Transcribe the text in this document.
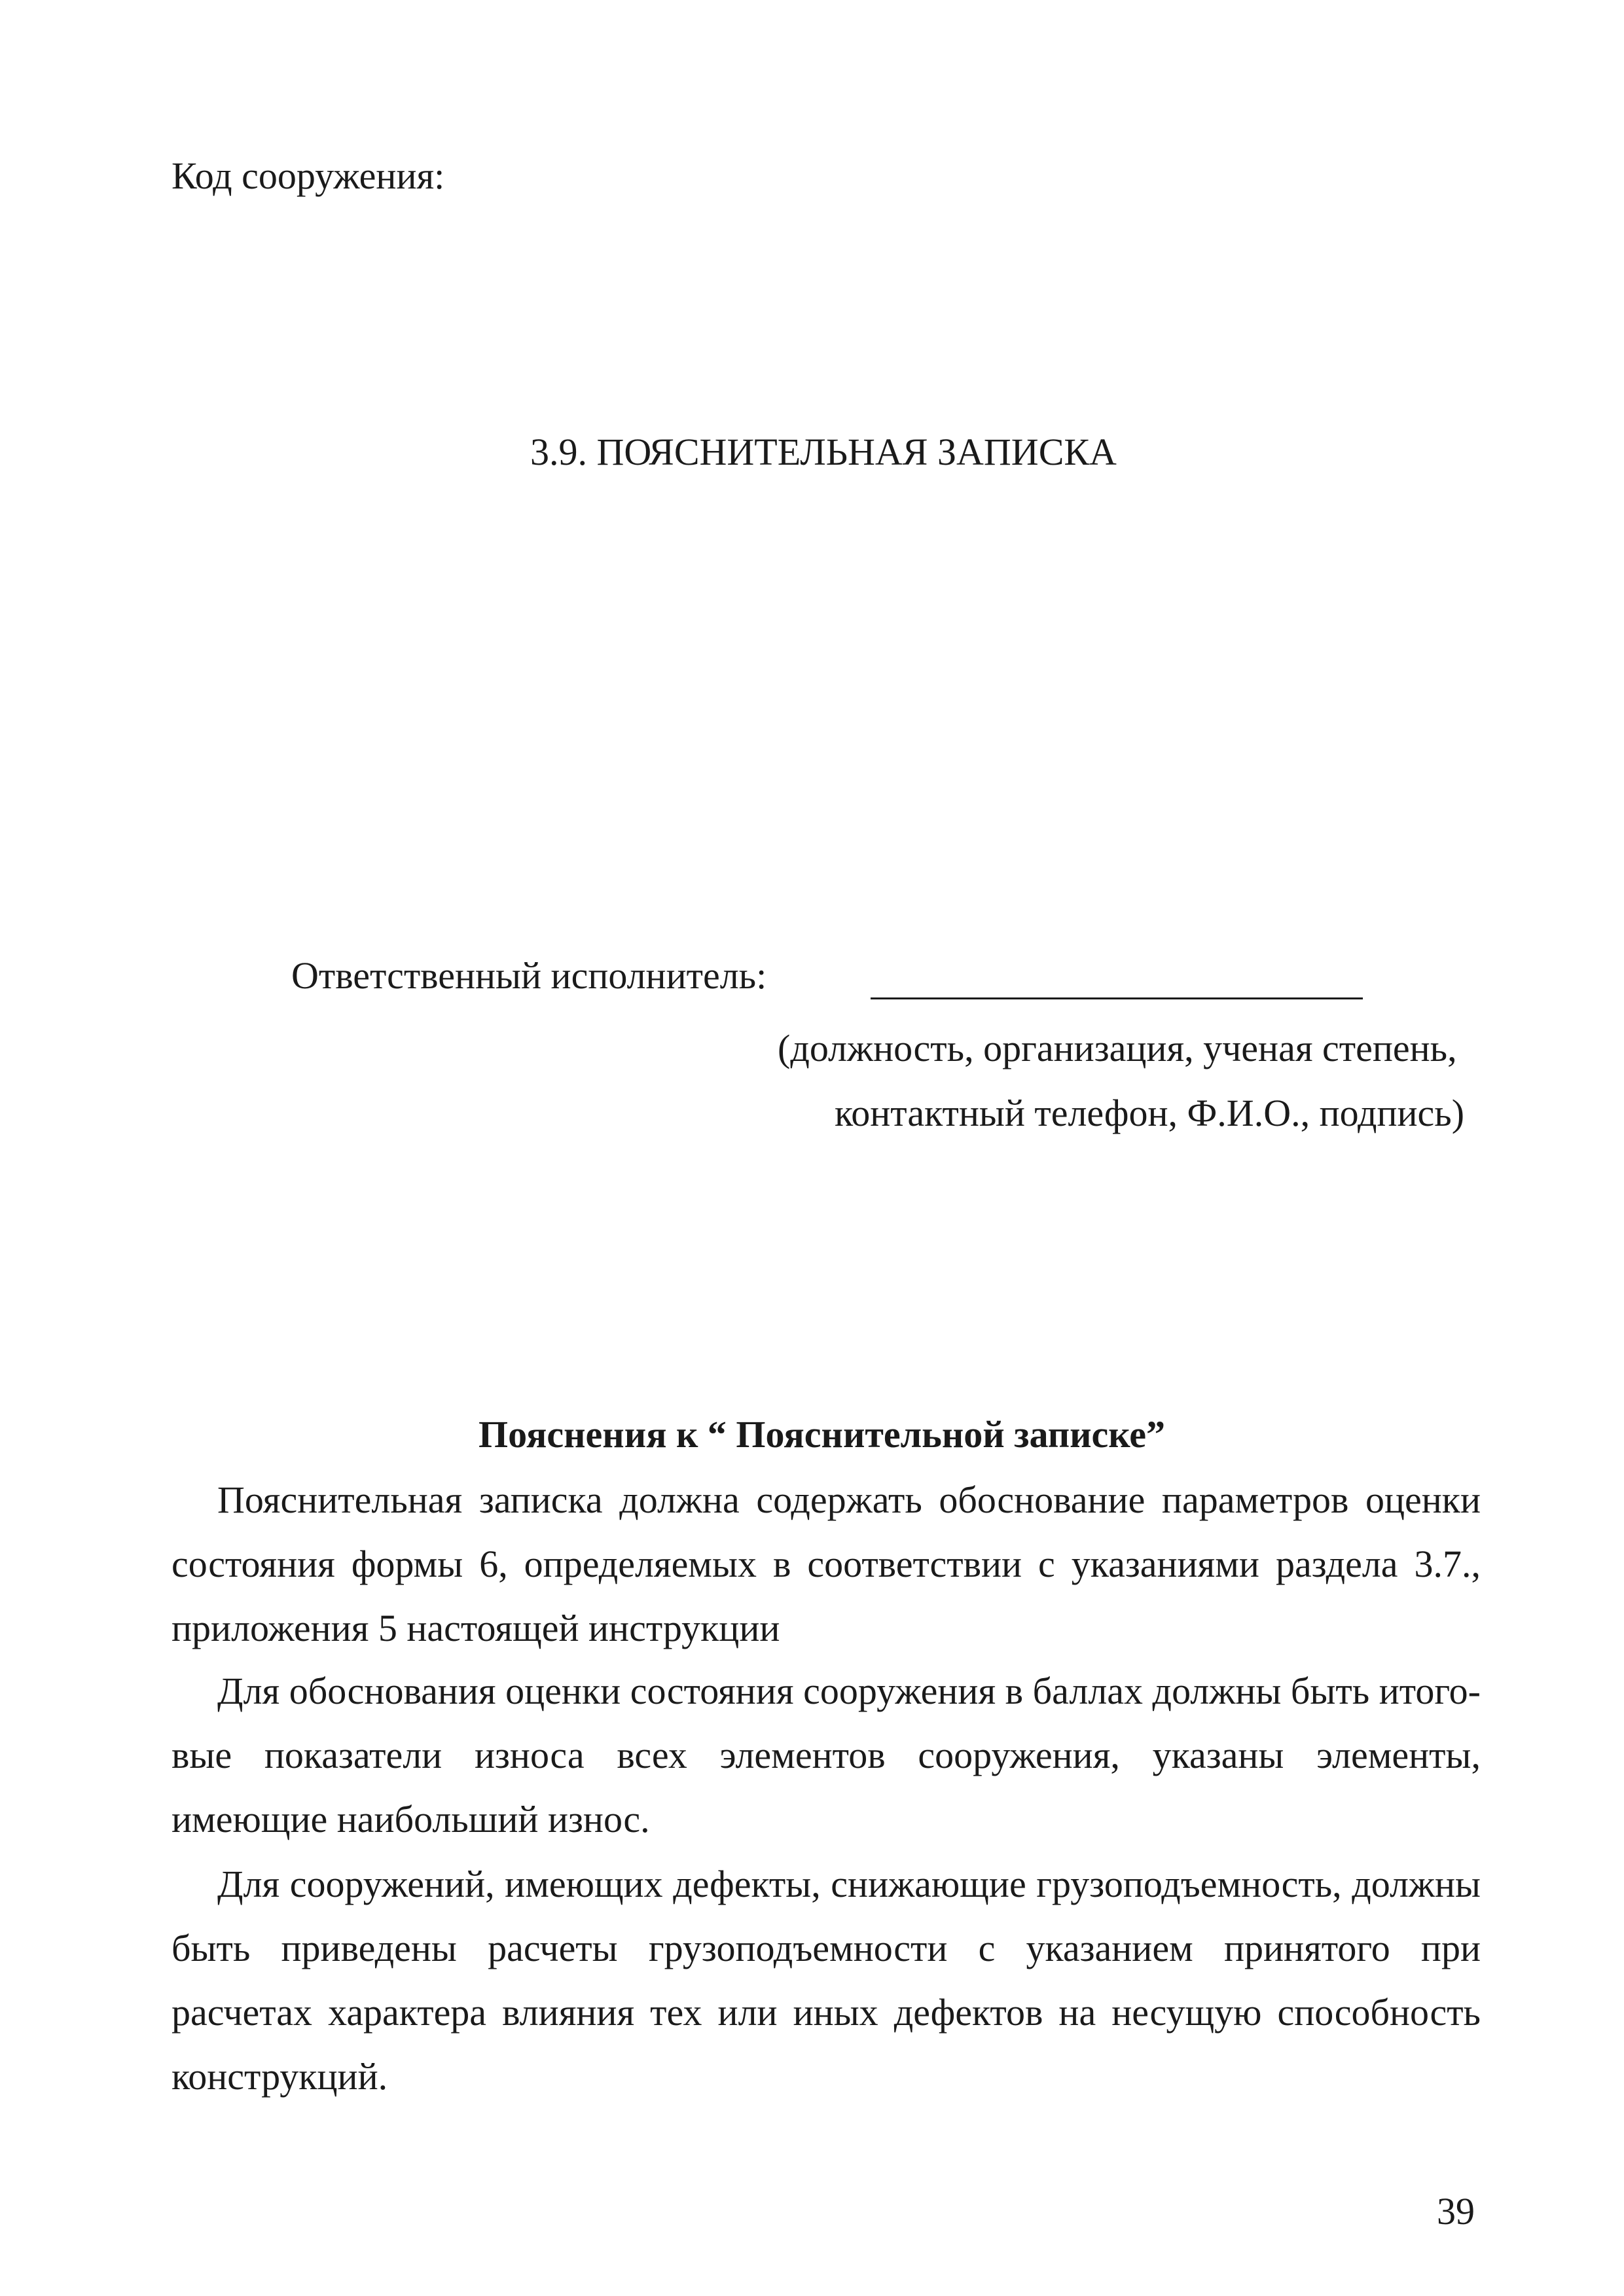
Код сооружения:
3.9. ПОЯСНИТЕЛЬНАЯ ЗАПИСКА
Ответственный исполнитель:
(должность, организация, ученая степень,
контактный телефон, Ф.И.О., подпись)
Пояснения к “ Пояснительной записке”

Пояснительная записка должна содержать обоснование параметров оценки состояния формы 6, определяемых в соответствии с указаниями раздела 3.7., приложения 5 настоящей инструкции

Для обоснования оценки состояния сооружения в баллах должны быть итоговые показатели износа всех элементов сооружения, указаны элементы, имеющие наибольший износ.

Для сооружений, имеющих дефекты, снижающие грузоподъемность, должны быть приведены расчеты грузоподъемности с указанием принятого при расчетах характера влияния тех или иных дефектов на несущую способность конструкций.

39
